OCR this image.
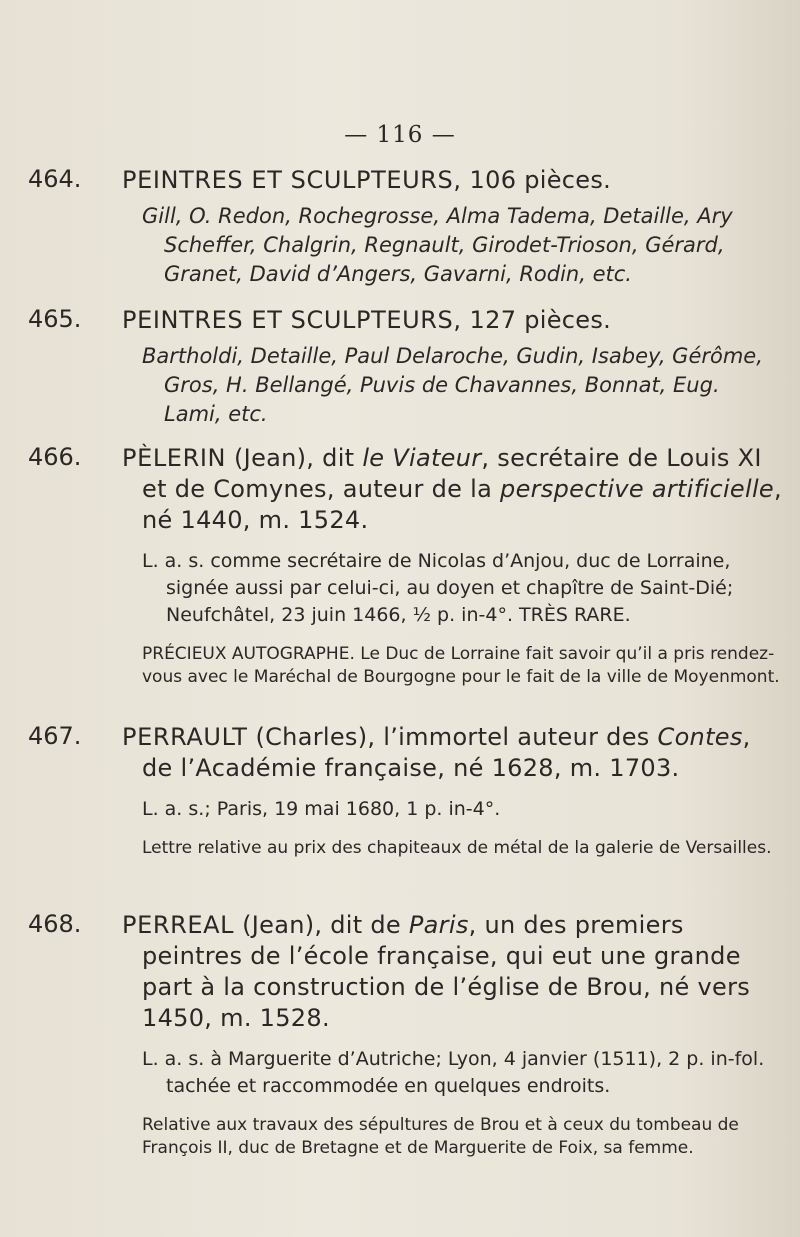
— 116 —
464. PEINTRES ET SCULPTEURS, 106 pièces.

Gill, O. Redon, Rochegrosse, Alma Tadema, Detaille, Ary Scheffer, Chalgrin, Regnault, Girodet-Trioson, Gérard, Granet, David d’Angers, Gavarni, Rodin, etc.

465. PEINTRES ET SCULPTEURS, 127 pièces.

Bartholdi, Detaille, Paul Delaroche, Gudin, Isabey, Gérôme, Gros, H. Bellangé, Puvis de Chavannes, Bonnat, Eug. Lami, etc.

466. PÈLERIN (Jean), dit le Viateur, secrétaire de Louis XI

et de Comynes, auteur de la perspective artificielle,

né 1440, m. 1524.

L. a. s. comme secrétaire de Nicolas d’Anjou, duc de Lorraine, signée aussi par celui-ci, au doyen et chapître de Saint-Dié; Neufchâtel, 23 juin 1466, ½ p. in-4°. TRÈS RARE.

PRÉCIEUX AUTOGRAPHE. Le Duc de Lorraine fait savoir qu’il a pris rendez-vous avec le Maréchal de Bourgogne pour le fait de la ville de Moyenmont.

467. PERRAULT (Charles), l’immortel auteur des Contes,

de l’Académie française, né 1628, m. 1703.

L. a. s.; Paris, 19 mai 1680, 1 p. in-4°.

Lettre relative au prix des chapiteaux de métal de la galerie de Versailles.

468. PERREAL (Jean), dit de Paris, un des premiers

peintres de l’école française, qui eut une grande part à la construction de l’église de Brou, né vers 1450, m. 1528.

L. a. s. à Marguerite d’Autriche; Lyon, 4 janvier (1511), 2 p. in-fol. tachée et raccommodée en quelques endroits.

Relative aux travaux des sépultures de Brou et à ceux du tombeau de François II, duc de Bretagne et de Marguerite de Foix, sa femme.
